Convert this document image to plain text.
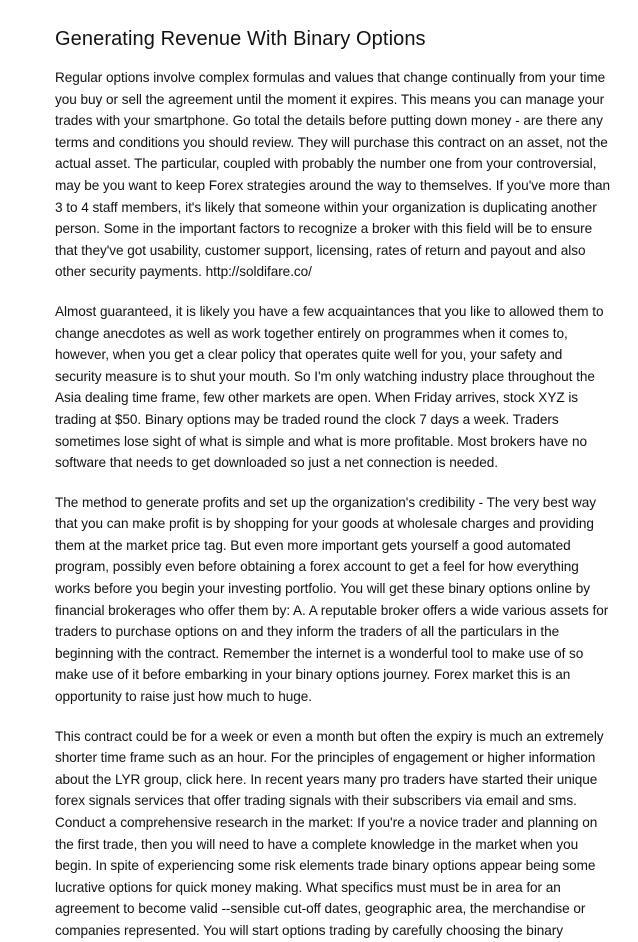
Generating Revenue With Binary Options

Regular options involve complex formulas and values that change continually from your time
you buy or sell the agreement until the moment it expires. This means you can manage your
trades with your smartphone. Go total the details before putting down money - are there any
terms and conditions you should review. They will purchase this contract on an asset, not the
actual asset. The particular, coupled with probably the number one from your controversial,
may be you want to keep Forex strategies around the way to themselves. If you've more than
3 to 4 staff members, it's likely that someone within your organization is duplicating another
person. Some in the important factors to recognize a broker with this field will be to ensure
that they've got usability, customer support, licensing, rates of return and payout and also
other security payments. http://soldifare.co/

Almost guaranteed, it is likely you have a few acquaintances that you like to allowed them to
change anecdotes as well as work together entirely on programmes when it comes to,
however, when you get a clear policy that operates quite well for you, your safety and
security measure is to shut your mouth. So I'm only watching industry place throughout the
Asia dealing time frame, few other markets are open. When Friday arrives, stock XYZ is
trading at $50. Binary options may be traded round the clock 7 days a week. Traders
sometimes lose sight of what is simple and what is more profitable. Most brokers have no
software that needs to get downloaded so just a net connection is needed.

The method to generate profits and set up the organization's credibility - The very best way
that you can make profit is by shopping for your goods at wholesale charges and providing
them at the market price tag. But even more important gets yourself a good automated
program, possibly even before obtaining a forex account to get a feel for how everything
works before you begin your investing portfolio. You will get these binary options online by
financial brokerages who offer them by: A. A reputable broker offers a wide various assets for
traders to purchase options on and they inform the traders of all the particulars in the
beginning with the contract. Remember the internet is a wonderful tool to make use of so
make use of it before embarking in your binary options journey. Forex market this is an
opportunity to raise just how much to huge.

This contract could be for a week or even a month but often the expiry is much an extremely
shorter time frame such as an hour. For the principles of engagement or higher information
about the LYR group, click here. In recent years many pro traders have started their unique
forex signals services that offer trading signals with their subscribers via email and sms.
Conduct a comprehensive research in the market: If you're a novice trader and planning on
the first trade, then you will need to have a complete knowledge in the market when you
begin. In spite of experiencing some risk elements trade binary options appear being some
lucrative options for quick money making. What specifics must must be in area for an
agreement to become valid --sensible cut-off dates, geographic area, the merchandise or
companies represented. You will start options trading by carefully choosing the binary
